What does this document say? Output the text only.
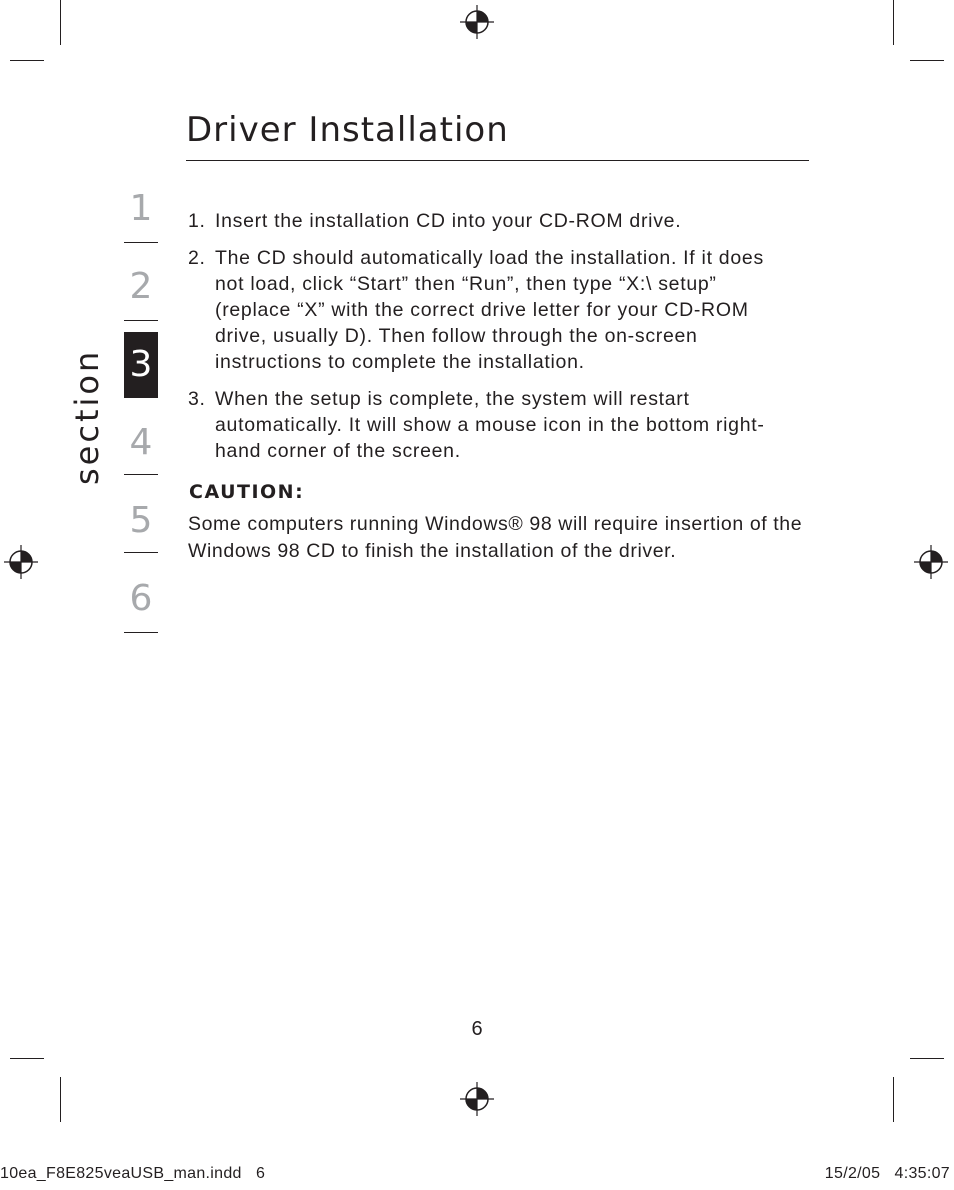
Driver Installation
section
1
2
3
4
5
6
1. Insert the installation CD into your CD-ROM drive.
2. The CD should automatically load the installation. If it does not load, click “Start” then “Run”, then type “X:\ setup” (replace “X” with the correct drive letter for your CD-ROM drive, usually D). Then follow through the on-screen instructions to complete the installation.
3. When the setup is complete, the system will restart automatically. It will show a mouse icon in the bottom right-hand corner of the screen.
CAUTION:

Some computers running Windows® 98 will require insertion of the Windows 98 CD to finish the installation of the driver.

6
10ea_F8E825veaUSB_man.indd   6	15/2/05   4:35:07
